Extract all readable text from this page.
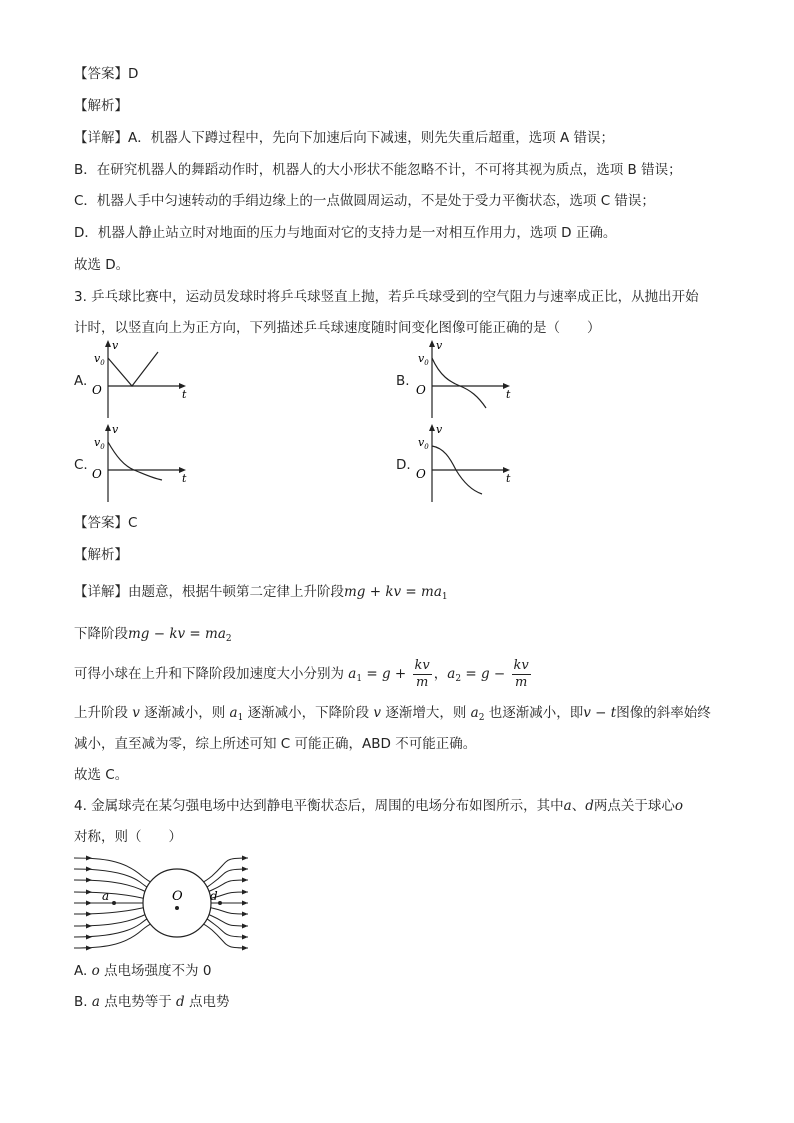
【答案】D
【解析】
【详解】A．机器人下蹲过程中，先向下加速后向下减速，则先失重后超重，选项 A 错误；
B．在研究机器人的舞蹈动作时，机器人的大小形状不能忽略不计，不可将其视为质点，选项 B 错误；
C．机器人手中匀速转动的手绢边缘上的一点做圆周运动，不是处于受力平衡状态，选项 C 错误；
D．机器人静止站立时对地面的压力与地面对它的支持力是一对相互作用力，选项 D 正确。
故选 D。
3. 乒乓球比赛中，运动员发球时将乒乓球竖直上抛，若乒乓球受到的空气阻力与速率成正比，从抛出开始
计时，以竖直向上为正方向，下列描述乒乓球速度随时间变化图像可能正确的是（　　）
A.	B.
C.	D.
v
$v_0$
O	t
v
$v_0$
O	t
v
$v_0$
O	t
v
$v_0$
O	t
【答案】C
【解析】
【详解】由题意，根据牛顿第二定律上升阶段mg + kv = $ma_1$
下降阶段mg − kv = $ma_2$
可得小球在上升和下降阶段加速度大小分别为 $a_1 = g + \frac{kv}{m}$ ，$a_2 = g - \frac{kv}{m}$
上升阶段 v 逐渐减小，则 $a_1$ 逐渐减小，下降阶段 v 逐渐增大，则 $a_2$ 也逐渐减小，即v − t图像的斜率始终
减小，直至减为零，综上所述可知 C 可能正确，ABD 不可能正确。
故选 C。
4. 金属球壳在某匀强电场中达到静电平衡状态后，周围的电场分布如图所示，其中a、d两点关于球心o
对称，则（　　）
O
a	d
A. o 点电场强度不为 0
B. a 点电势等于 d 点电势
